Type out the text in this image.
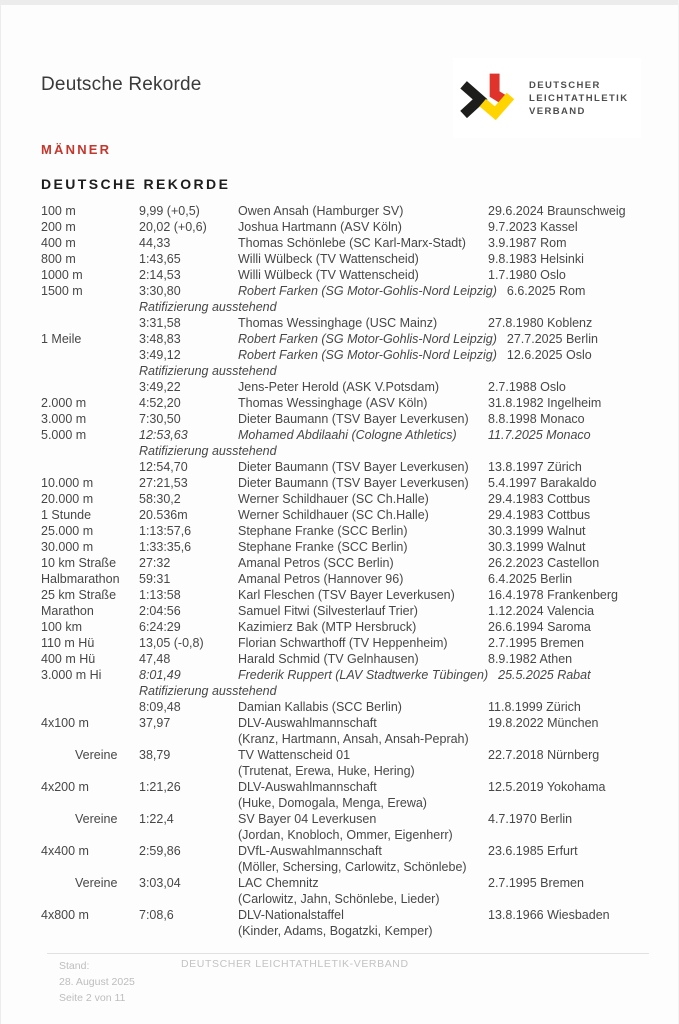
Deutsche Rekorde	DEUTSCHER
LEICHTATHLETIK
VERBAND
MÄNNER
DEUTSCHE REKORDE
100 m	9,99 (+0,5)	Owen Ansah (Hamburger SV)	29.6.2024 Braunschweig
200 m	20,02 (+0,6)	Joshua Hartmann (ASV Köln)	9.7.2023 Kassel
400 m	44,33	Thomas Schönlebe (SC Karl-Marx-Stadt)	3.9.1987 Rom
800 m	1:43,65	Willi Wülbeck (TV Wattenscheid)	9.8.1983 Helsinki
1000 m	2:14,53	Willi Wülbeck (TV Wattenscheid)	1.7.1980 Oslo
1500 m	3:30,80	Robert Farken (SG Motor-Gohlis-Nord Leipzig) 6.6.2025 Rom
Ratifizierung ausstehend
3:31,58	Thomas Wessinghage (USC Mainz)	27.8.1980 Koblenz
1 Meile	3:48,83	Robert Farken (SG Motor-Gohlis-Nord Leipzig) 27.7.2025 Berlin
3:49,12	Robert Farken (SG Motor-Gohlis-Nord Leipzig) 12.6.2025 Oslo
Ratifizierung ausstehend
3:49,22	Jens-Peter Herold (ASK V.Potsdam)	2.7.1988 Oslo
2.000 m	4:52,20	Thomas Wessinghage (ASV Köln)	31.8.1982 Ingelheim
3.000 m	7:30,50	Dieter Baumann (TSV Bayer Leverkusen)	8.8.1998 Monaco
5.000 m	12:53,63	Mohamed Abdilaahi (Cologne Athletics)	11.7.2025 Monaco
Ratifizierung ausstehend
12:54,70	Dieter Baumann (TSV Bayer Leverkusen)	13.8.1997 Zürich
10.000 m	27:21,53	Dieter Baumann (TSV Bayer Leverkusen)	5.4.1997 Barakaldo
20.000 m	58:30,2	Werner Schildhauer (SC Ch.Halle)	29.4.1983 Cottbus
1 Stunde	20.536m	Werner Schildhauer (SC Ch.Halle)	29.4.1983 Cottbus
25.000 m	1:13:57,6	Stephane Franke (SCC Berlin)	30.3.1999 Walnut
30.000 m	1:33:35,6	Stephane Franke (SCC Berlin)	30.3.1999 Walnut
10 km Straße	27:32	Amanal Petros (SCC Berlin)	26.2.2023 Castellon
Halbmarathon	59:31	Amanal Petros (Hannover 96)	6.4.2025 Berlin
25 km Straße	1:13:58	Karl Fleschen (TSV Bayer Leverkusen)	16.4.1978 Frankenberg
Marathon	2:04:56	Samuel Fitwi (Silvesterlauf Trier)	1.12.2024 Valencia
100 km	6:24:29	Kazimierz Bak (MTP Hersbruck)	26.6.1994 Saroma
110 m Hü	13,05 (-0,8)	Florian Schwarthoff (TV Heppenheim)	2.7.1995 Bremen
400 m Hü	47,48	Harald Schmid (TV Gelnhausen)	8.9.1982 Athen
3.000 m Hi	8:01,49	Frederik Ruppert (LAV Stadtwerke Tübingen) 25.5.2025 Rabat
Ratifizierung ausstehend
8:09,48	Damian Kallabis (SCC Berlin)	11.8.1999 Zürich
4x100 m	37,97	DLV-Auswahlmannschaft	19.8.2022 München
(Kranz, Hartmann, Ansah, Ansah-Peprah)
Vereine	38,79	TV Wattenscheid 01	22.7.2018 Nürnberg
(Trutenat, Erewa, Huke, Hering)
4x200 m	1:21,26	DLV-Auswahlmannschaft	12.5.2019 Yokohama
(Huke, Domogala, Menga, Erewa)
Vereine	1:22,4	SV Bayer 04 Leverkusen	4.7.1970 Berlin
(Jordan, Knobloch, Ommer, Eigenherr)
4x400 m	2:59,86	DVfL-Auswahlmannschaft	23.6.1985 Erfurt
(Möller, Schersing, Carlowitz, Schönlebe)
Vereine	3:03,04	LAC Chemnitz	2.7.1995 Bremen
(Carlowitz, Jahn, Schönlebe, Lieder)
4x800 m	7:08,6	DLV-Nationalstaffel	13.8.1966 Wiesbaden
(Kinder, Adams, Bogatzki, Kemper)
Stand:
28. August 2025
Seite 2 von 11
DEUTSCHER LEICHTATHLETIK-VERBAND
